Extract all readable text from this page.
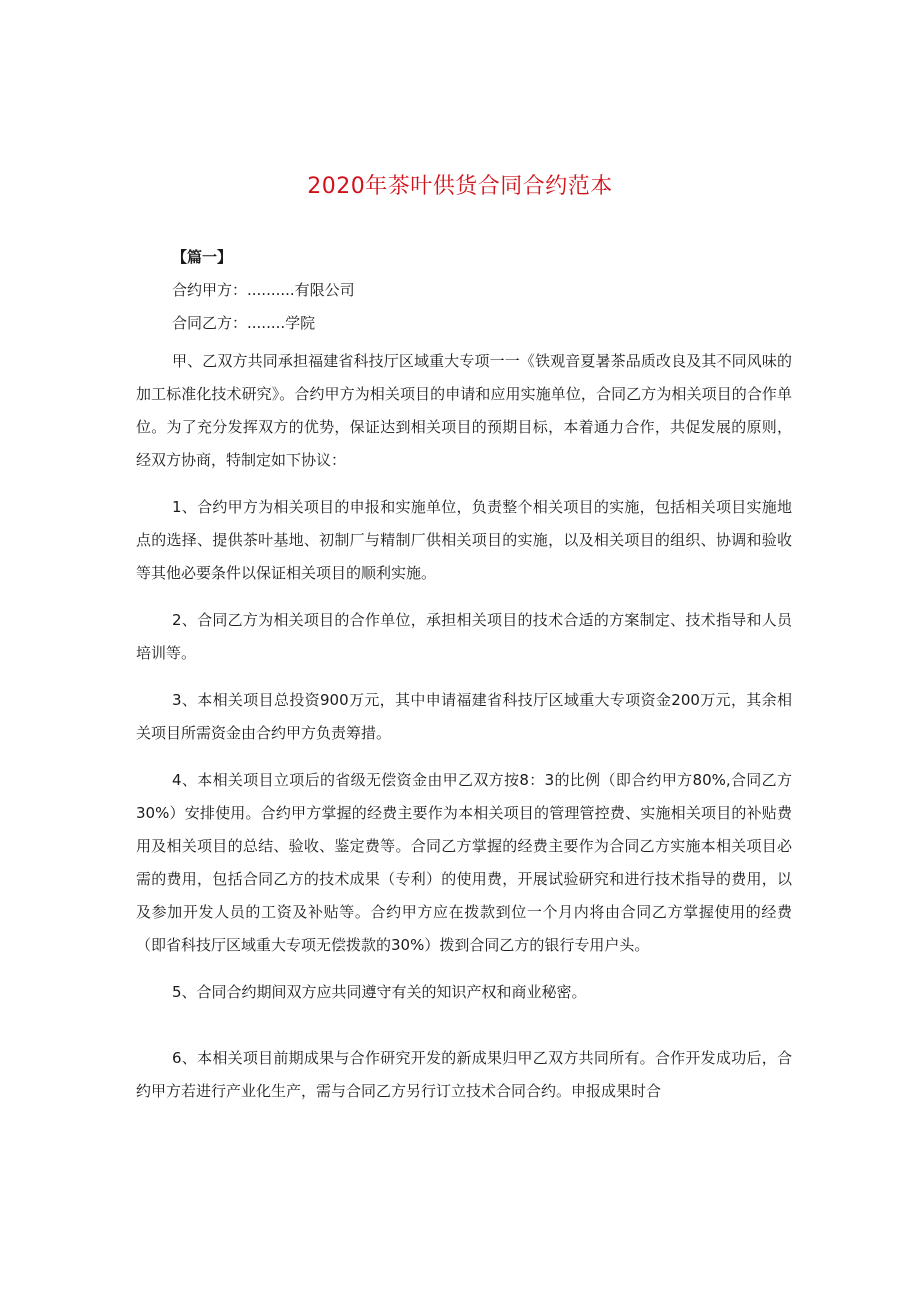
2020年茶叶供货合同合约范本

【篇一】

合约甲方：..........有限公司

合同乙方：........学院

甲、乙双方共同承担福建省科技厅区域重大专项一一《铁观音夏暑茶品质改良及其不同风味的加工标准化技术研究》。合约甲方为相关项目的申请和应用实施单位，合同乙方为相关项目的合作单位。为了充分发挥双方的优势，保证达到相关项目的预期目标，本着通力合作，共促发展的原则，经双方协商，特制定如下协议：

1、合约甲方为相关项目的申报和实施单位，负责整个相关项目的实施，包括相关项目实施地点的选择、提供茶叶基地、初制厂与精制厂供相关项目的实施，以及相关项目的组织、协调和验收等其他必要条件以保证相关项目的顺利实施。

2、合同乙方为相关项目的合作单位，承担相关项目的技术合适的方案制定、技术指导和人员培训等。

3、本相关项目总投资900万元，其中申请福建省科技厅区域重大专项资金200万元，其余相关项目所需资金由合约甲方负责筹措。

4、本相关项目立项后的省级无偿资金由甲乙双方按8：3的比例（即合约甲方80%,合同乙方30%）安排使用。合约甲方掌握的经费主要作为本相关项目的管理管控费、实施相关项目的补贴费用及相关项目的总结、验收、鉴定费等。合同乙方掌握的经费主要作为合同乙方实施本相关项目必需的费用，包括合同乙方的技术成果（专利）的使用费，开展试验研究和进行技术指导的费用，以及参加开发人员的工资及补贴等。合约甲方应在拨款到位一个月内将由合同乙方掌握使用的经费（即省科技厅区域重大专项无偿拨款的30%）拨到合同乙方的银行专用户头。

5、合同合约期间双方应共同遵守有关的知识产权和商业秘密。

6、本相关项目前期成果与合作研究开发的新成果归甲乙双方共同所有。合作开发成功后，合约甲方若进行产业化生产，需与合同乙方另行订立技术合同合约。申报成果时合
